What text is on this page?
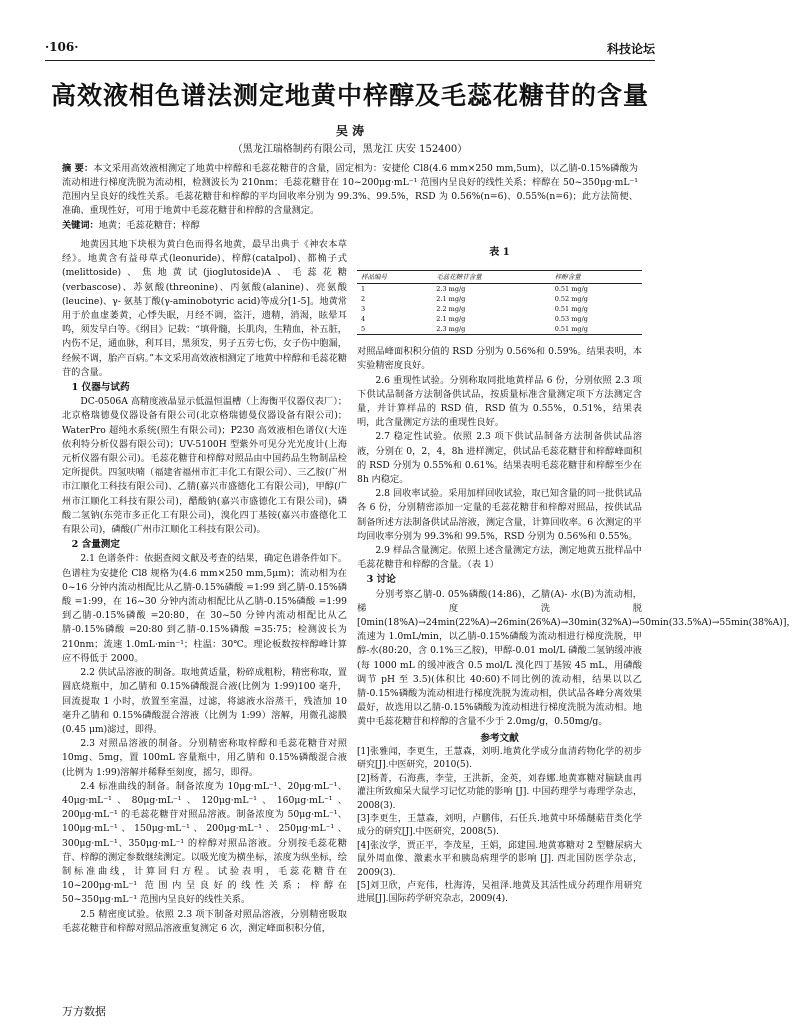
·106·	科技论坛
高效液相色谱法测定地黄中梓醇及毛蕊花糖苷的含量
吴 涛
（黑龙江瑞格制药有限公司，黑龙江 庆安 152400）
摘 要：本文采用高效液相测定了地黄中梓醇和毛蕊花糖苷的含量，固定相为：安捷伦 Cl8(4.6 mm×250 mm,5um)，以乙腈-0.15%磷酸为流动相进行梯度洗脱为流动相，检测波长为 210nm；毛蕊花糖苷在 10~200μg·mL⁻¹ 范围内呈良好的线性关系；梓醇在 50~350μg·mL⁻¹ 范围内呈良好的线性关系。毛蕊花糖苷和梓醇的平均回收率分别为 99.3%、99.5%，RSD 为 0.56%(n=6)、0.55%(n=6)；此方法简便、准确、重现性好，可用于地黄中毛蕊花糖苷和梓醇的含量测定。
关键词：地黄；毛蕊花糖苷；梓醇

地黄因其地下块根为黄白色而得名地黄，最早出典于《神农本草经》。地黄含有益母草式(leonuride)、梓醇(catalpol)、都桷子式(melittoside)、焦地黄试(jioglutoside)A、毛蕊花糖(verbascose)、苏氨酸(threonine)、丙氨酸(alanine)、亮氨酸(leucine)、γ- 氨基丁酸(γ-aminobotyric acid)等成分[1-5]。地黄常用于於血虚萎黄，心悸失眠，月经不调，盗汗，遗精，消渴，眩晕耳鸣，须发早白等。《纲目》记载：“填骨髓，长肌肉，生精血，补五脏，内伤不足，通血脉，利耳目，黑须发，男子五劳七伤，女子伤中胞漏，经候不调，胎产百病。”本文采用高效液相测定了地黄中梓醇和毛蕊花糖苷的含量。

1 仪器与试药

DC-0506A 高精度液晶显示低温恒温槽（上海衡平仪器仪表厂）；北京格瑞德曼仪器设备有限公司(北京格瑞德曼仪器设备有限公司)；WaterPro 超纯水系统(照生有限公司)；P230 高效液相色谱仪(大连依利特分析仪器有限公司)；UV-5100H 型紫外可见分光光度计(上海元析仪器有限公司)。毛蕊花糖苷和梓醇对照品由中国药品生物制品检定所提供。四氢呋喃（福建省福州市汇丰化工有限公司）、三乙胺(广州市江顺化工科技有限公司)、乙腈(嘉兴市盛德化工有限公司)，甲醇(广州市江顺化工科技有限公司)，醋酸钠(嘉兴市盛德化工有限公司)，磷酸二氢钠(东莞市多正化工有限公司)，溴化四丁基铵(嘉兴市盛德化工有限公司)，磷酸(广州市江顺化工科技有限公司)。

2 含量测定

2.1 色谱条件：依据查阅文献及考查的结果，确定色谱条件如下。色谱柱为安捷伦 Cl8 规格为(4.6 mm×250 mm,5μm)；流动相为在 0~16 分钟内流动相配比从乙腈-0.15%磷酸 =1:99 到乙腈-0.15%磷酸 =1:99，在 16~30 分钟内流动相配比从乙腈-0.15%磷酸 =1:99 到乙腈-0.15%磷酸 =20:80，在 30~50 分钟内流动相配比从乙腈-0.15%磷酸 =20:80 到乙腈-0.15%磷酸 =35:75；检测波长为 210nm；流速 1.0mL·min⁻¹；柱温：30℃。理论板数按梓醇峰计算应不得低于 2000。

2.2 供试品溶液的制备。取地黄适量，粉碎成粗粉，精密称取，置圆底烧瓶中，加乙腈和 0.15%磷酸混合液(比例为 1:99)100 毫升，回流提取 1 小时，放置至室温，过滤，将滤液水浴蒸干，残渣加 10 毫升乙腈和 0.15%磷酸混合溶液（比例为 1:99）溶解，用微孔滤膜(0.45 μm)滤过，即得。

2.3 对照品溶液的制备。分别精密称取梓醇和毛蕊花糖苷对照 10mg、5mg，置 100mL 容量瓶中，用乙腈和 0.15%磷酸混合液(比例为 1:99)溶解并稀释至刻度，摇匀，即得。

2.4 标准曲线的制备。制备浓度为 10μg·mL⁻¹、20μg·mL⁻¹、40μg·mL⁻¹、80μg·mL⁻¹、120μg·mL⁻¹、160μg·mL⁻¹、200μg·mL⁻¹ 的毛蕊花糖苷对照品溶液。制备浓度为 50μg·mL⁻¹、100μg·mL⁻¹、150μg·mL⁻¹、200μg·mL⁻¹、250μg·mL⁻¹、300μg·mL⁻¹、350μg·mL⁻¹ 的梓醇对照品溶液。分别按毛蕊花糖苷、梓醇的测定参数继续测定。以吸光度为横坐标，浓度为纵坐标，绘制标准曲线，计算回归方程。试验表明，毛蕊花糖苷在 10~200μg·mL⁻¹ 范围内呈良好的线性关系；梓醇在 50~350μg·mL⁻¹ 范围内呈良好的线性关系。

2.5 精密度试验。依照 2.3 项下制备对照品溶液，分别精密吸取毛蕊花糖苷和梓醇对照品溶液重复测定 6 次，测定峰面积积分值，

表 1
样品编号	毛蕊花糖苷含量	梓醇含量
1	2.3 mg/g	0.51 mg/g
2	2.1 mg/g	0.52 mg/g
3	2.2 mg/g	0.51 mg/g
4	2.1 mg/g	0.53 mg/g
5	2.3 mg/g	0.51 mg/g

对照品峰面积积分值的 RSD 分别为 0.56%和 0.59%。结果表明，本实验精密度良好。

2.6 重现性试验。分别称取同批地黄样品 6 份，分别依照 2.3 项下供试品制备方法制备供试品，按质量标准含量测定项下方法测定含量，并计算样品的 RSD 值，RSD 值为 0.55%，0.51%，结果表明，此含量测定方法的重现性良好。

2.7 稳定性试验。依照 2.3 项下供试品制备方法制备供试品溶液，分别在 0，2，4，8h 进样测定，供试品毛蕊花糖苷和梓醇峰面积的 RSD 分别为 0.55%和 0.61%。结果表明毛蕊花糖苷和梓醇至少在 8h 内稳定。

2.8 回收率试验。采用加样回收试验，取已知含量的同一批供试品各 6 份，分别精密添加一定量的毛蕊花糖苷和梓醇对照品，按供试品制备所述方法制备供试品溶液，测定含量，计算回收率。6 次测定的平均回收率分别为 99.3%和 99.5%，RSD 分别为 0.56%和 0.55%。

2.9 样品含量测定。依照上述含量测定方法，测定地黄五批样品中毛蕊花糖苷和梓醇的含量。（表 1）

3 讨论

分别考察乙腈-0. 05%磷酸(14:86)，乙腈(A)- 水(B)为流动相，梯度洗脱[0min(18%A)→24min(22%A)→26min(26%A)→30min(32%A)→50min(33.5%A)→55min(38%A)]，流速为 1.0mL/min，以乙腈-0.15%磷酸为流动相进行梯度洗脱，甲醇-水(80:20，含 0.1%三乙胺)，甲醇-0.01 mol/L 磷酸二氢钠缓冲液(每 1000 mL 的缓冲液含 0.5 mol/L 溴化四丁基铵 45 mL，用磷酸调节 pH 至 3.5)(体积比 40:60)不同比例的流动相，结果以以乙腈-0.15%磷酸为流动相进行梯度洗脱为流动相，供试品各峰分离效果最好，故选用以乙腈-0.15%磷酸为流动相进行梯度洗脱为流动相。地黄中毛蕊花糖苷和梓醇的含量不少于 2.0mg/g，0.50mg/g。

参考文献

[1]张雅闻，李更生，王慧森，刘明.地黄化学成分血清药物化学的初步研究[J].中医研究，2010(5).

[2]杨菁，石海燕，李莹，王洪新，金英，刘春娜.地黄寡糖对脑缺血再灌注所致痴呆大鼠学习记忆功能的影响 [J]. 中国药理学与毒理学杂志，2008(3).

[3]李更生，王慧森，刘明，卢鹏伟，石任兵.地黄中环烯醚萜苷类化学成分的研究[J].中医研究，2008(5).

[4]张汝学，贾正平，李茂星，王娟，邱建国.地黄寡糖对 2 型糖尿病大鼠外周血像、激素水平和胰岛病理学的影响 [J]. 西北国防医学杂志，2009(3).

[5]刘卫欣，卢兖伟，杜海涛，吴祖泽.地黄及其活性成分药理作用研究进展[J].国际药学研究杂志，2009(4).

万方数据
